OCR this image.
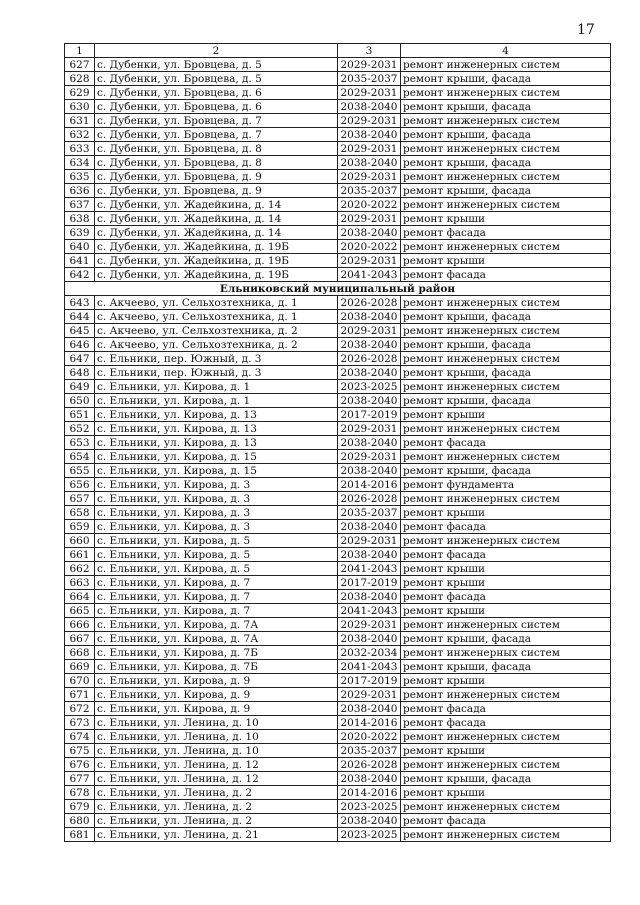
17
1	2	3	4
627	с. Дубенки, ул. Бровцева, д. 5	2029-2031	ремонт инженерных систем
628	с. Дубенки, ул. Бровцева, д. 5	2035-2037	ремонт крыши, фасада
629	с. Дубенки, ул. Бровцева, д. 6	2029-2031	ремонт инженерных систем
630	с. Дубенки, ул. Бровцева, д. 6	2038-2040	ремонт крыши, фасада
631	с. Дубенки, ул. Бровцева, д. 7	2029-2031	ремонт инженерных систем
632	с. Дубенки, ул. Бровцева, д. 7	2038-2040	ремонт крыши, фасада
633	с. Дубенки, ул. Бровцева, д. 8	2029-2031	ремонт инженерных систем
634	с. Дубенки, ул. Бровцева, д. 8	2038-2040	ремонт крыши, фасада
635	с. Дубенки, ул. Бровцева, д. 9	2029-2031	ремонт инженерных систем
636	с. Дубенки, ул. Бровцева, д. 9	2035-2037	ремонт крыши, фасада
637	с. Дубенки, ул. Жадейкина, д. 14	2020-2022	ремонт инженерных систем
638	с. Дубенки, ул. Жадейкина, д. 14	2029-2031	ремонт крыши
639	с. Дубенки, ул. Жадейкина, д. 14	2038-2040	ремонт фасада
640	с. Дубенки, ул. Жадейкина, д. 19Б	2020-2022	ремонт инженерных систем
641	с. Дубенки, ул. Жадейкина, д. 19Б	2029-2031	ремонт крыши
642	с. Дубенки, ул. Жадейкина, д. 19Б	2041-2043	ремонт фасада
Ельниковский муниципальный район			
643	с. Акчеево, ул. Сельхозтехника, д. 1	2026-2028	ремонт инженерных систем
644	с. Акчеево, ул. Сельхозтехника, д. 1	2038-2040	ремонт крыши, фасада
645	с. Акчеево, ул. Сельхозтехника, д. 2	2029-2031	ремонт инженерных систем
646	с. Акчеево, ул. Сельхозтехника, д. 2	2038-2040	ремонт крыши, фасада
647	с. Ельники, пер. Южный, д. 3	2026-2028	ремонт инженерных систем
648	с. Ельники, пер. Южный, д. 3	2038-2040	ремонт крыши, фасада
649	с. Ельники, ул. Кирова, д. 1	2023-2025	ремонт инженерных систем
650	с. Ельники, ул. Кирова, д. 1	2038-2040	ремонт крыши, фасада
651	с. Ельники, ул. Кирова, д. 13	2017-2019	ремонт крыши
652	с. Ельники, ул. Кирова, д. 13	2029-2031	ремонт инженерных систем
653	с. Ельники, ул. Кирова, д. 13	2038-2040	ремонт фасада
654	с. Ельники, ул. Кирова, д. 15	2029-2031	ремонт инженерных систем
655	с. Ельники, ул. Кирова, д. 15	2038-2040	ремонт крыши, фасада
656	с. Ельники, ул. Кирова, д. 3	2014-2016	ремонт фундамента
657	с. Ельники, ул. Кирова, д. 3	2026-2028	ремонт инженерных систем
658	с. Ельники, ул. Кирова, д. 3	2035-2037	ремонт крыши
659	с. Ельники, ул. Кирова, д. 3	2038-2040	ремонт фасада
660	с. Ельники, ул. Кирова, д. 5	2029-2031	ремонт инженерных систем
661	с. Ельники, ул. Кирова, д. 5	2038-2040	ремонт фасада
662	с. Ельники, ул. Кирова, д. 5	2041-2043	ремонт крыши
663	с. Ельники, ул. Кирова, д. 7	2017-2019	ремонт крыши
664	с. Ельники, ул. Кирова, д. 7	2038-2040	ремонт фасада
665	с. Ельники, ул. Кирова, д. 7	2041-2043	ремонт крыши
666	с. Ельники, ул. Кирова, д. 7А	2029-2031	ремонт инженерных систем
667	с. Ельники, ул. Кирова, д. 7А	2038-2040	ремонт крыши, фасада
668	с. Ельники, ул. Кирова, д. 7Б	2032-2034	ремонт инженерных систем
669	с. Ельники, ул. Кирова, д. 7Б	2041-2043	ремонт крыши, фасада
670	с. Ельники, ул. Кирова, д. 9	2017-2019	ремонт крыши
671	с. Ельники, ул. Кирова, д. 9	2029-2031	ремонт инженерных систем
672	с. Ельники, ул. Кирова, д. 9	2038-2040	ремонт фасада
673	с. Ельники, ул. Ленина, д. 10	2014-2016	ремонт фасада
674	с. Ельники, ул. Ленина, д. 10	2020-2022	ремонт инженерных систем
675	с. Ельники, ул. Ленина, д. 10	2035-2037	ремонт крыши
676	с. Ельники, ул. Ленина, д. 12	2026-2028	ремонт инженерных систем
677	с. Ельники, ул. Ленина, д. 12	2038-2040	ремонт крыши, фасада
678	с. Ельники, ул. Ленина, д. 2	2014-2016	ремонт крыши
679	с. Ельники, ул. Ленина, д. 2	2023-2025	ремонт инженерных систем
680	с. Ельники, ул. Ленина, д. 2	2038-2040	ремонт фасада
681	с. Ельники, ул. Ленина, д. 21	2023-2025	ремонт инженерных систем
